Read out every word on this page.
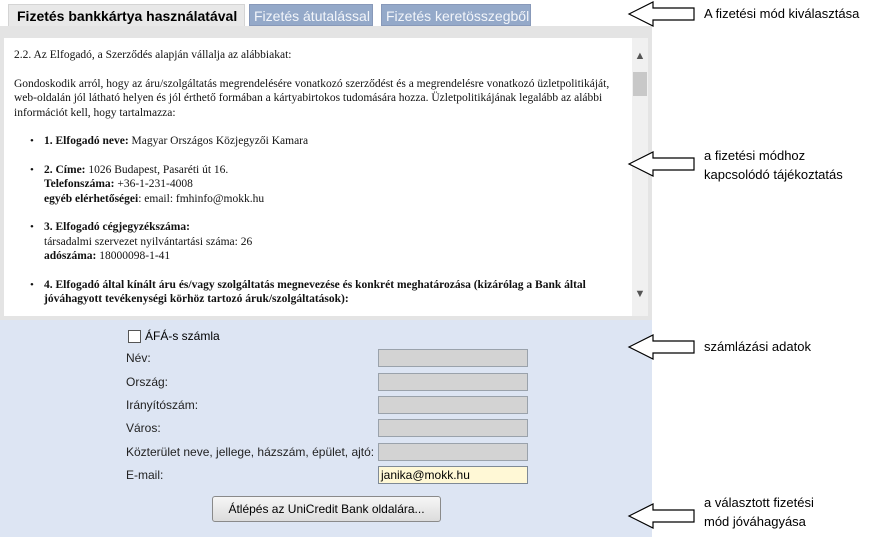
Fizetés bankkártya használatával	Fizetés átutalással	Fizetés keretösszegből

2.2. Az Elfogadó, a Szerződés alapján vállalja az alábbiakat:

Gondoskodik arról, hogy az áru/szolgáltatás megrendelésére vonatkozó szerződést és a megrendelésre vonatkozó üzletpolitikáját, web-oldalán jól látható helyen és jól érthető formában a kártyabirtokos tudomására hozza. Üzletpolitikájának legalább az alábbi információt kell, hogy tartalmazza:

• 1. Elfogadó neve: Magyar Országos Közjegyzői Kamara
• 2. Címe: 1026 Budapest, Pasaréti út 16.
Telefonszáma: +36-1-231-4008
egyéb elérhetőségei: email: fmhinfo@mokk.hu
• 3. Elfogadó cégjegyzékszáma:
társadalmi szervezet nyilvántartási száma: 26
adószáma: 18000098-1-41
• 4. Elfogadó által kínált áru és/vagy szolgáltatás megnevezése és konkrét meghatározása (kizárólag a Bank által jóváhagyott tevékenységi körhöz tartozó áruk/szolgáltatások):
▲
▼
ÁFÁ-s számla
Név:
Ország:
Irányítószám:
Város:
Közterület neve, jellege, házszám, épület, ajtó:
E-mail:	janika@mokk.hu
Átlépés az UniCredit Bank oldalára...
A fizetési mód kiválasztása
a fizetési módhoz
kapcsolódó tájékoztatás
számlázási adatok
a választott fizetési
mód jóváhagyása
